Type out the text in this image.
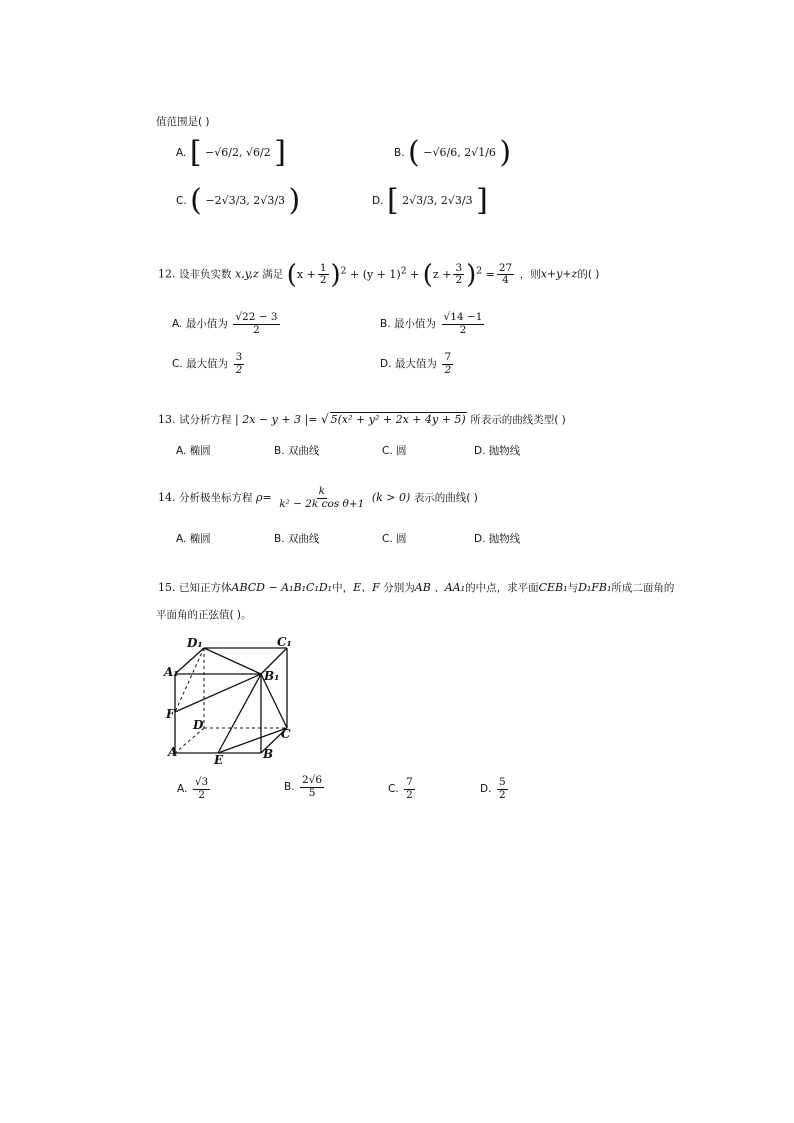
值范围是( )
A. [ −√6/2, √6/2 ]	B. ( −√6/6, 2√1/6 )
C. ( −2√3/3, 2√3/3 )	D. [ 2√3/3, 2√3/3 ]
12. 设非负实数 x,y,z 满足 $(x + \frac{1}{2} )^2 + (y + 1)^2 + (z + \frac{3}{2} )^2 = \frac{27}{4}$ ，则x+y+z的( )
A. 最小值为 $\frac{√22 - 3}{2}$	B. 最小值为 $\frac{√14 -1}{2}$
C. 最大值为 $\frac{3}{2}$	D. 最大值为 $\frac{7}{2}$
13. 试分析方程 | 2x − y + 3 |= √ 5(x² + y² + 2x + 4y + 5) 所表示的曲线类型( )
A. 椭圆	B. 双曲线	C. 圆	D. 抛物线
14. 分析极坐标方程 $\rho= \frac{k}{\text{k² − 2k cos θ+1}} (k > 0)$ 表示的曲线( )
A. 椭圆	B. 双曲线	C. 圆	D. 抛物线
15. 已知正方体ABCD − A₁B₁C₁D₁中，E、F 分别为AB 、AA₁的中点，求平面CEB₁与D₁FB₁所成二面角的
平面角的正弦值( )。
D₁	C₁
A₁	B₁
F
D
C
A
E	B
A. $\frac{√3}{2}$	B. $\frac{2√6}{5}$	C. $\frac{7}{2}$	D. $\frac{5}{2}$
